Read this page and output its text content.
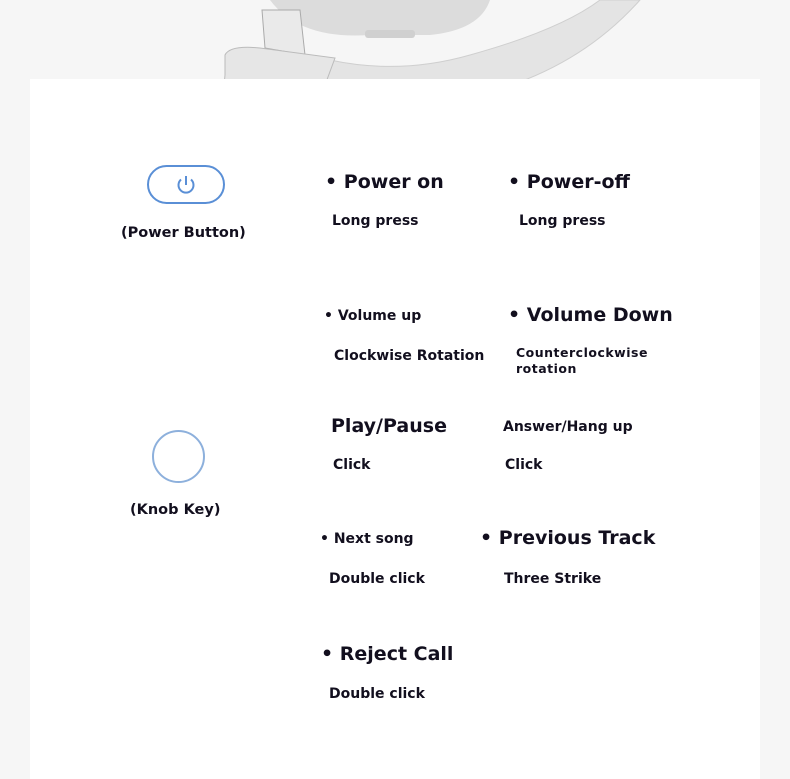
(Power Button)
(Knob Key)
• Power on
Long press
• Power-off
Long press
• Volume up
Clockwise Rotation
• Volume Down
Counterclockwise rotation
Play/Pause
Click
Answer/Hang up
Click
• Next song
Double click
• Previous Track
Three Strike
• Reject Call
Double click
